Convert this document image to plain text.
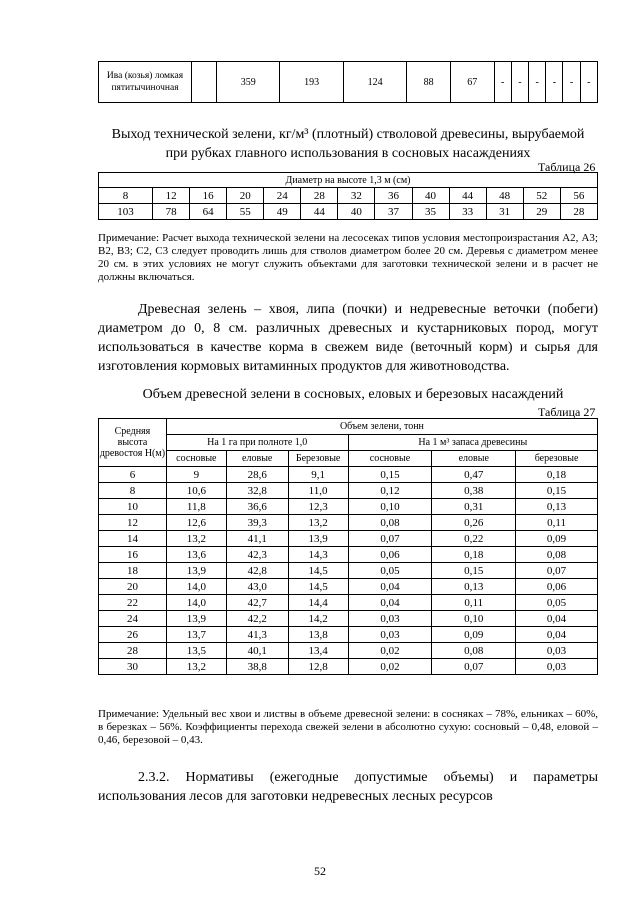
Ива (козья) ломкая пятитычиночная		359	193	124	88	67	-	-	-	-	-	-
Выход технической зелени, кг/м³ (плотный) стволовой древесины, вырубаемой при рубках главного использования в сосновых насаждениях
Таблица 26
Диаметр на высоте 1,3 м (см)												
8	12	16	20	24	28	32	36	40	44	48	52	56
103	78	64	55	49	44	40	37	35	33	31	29	28
Примечание: Расчет выхода технической зелени на лесосеках типов условия местопроизрастания А2, А3; В2, В3; С2, С3 следует проводить лишь для стволов диаметром более 20 см. Деревья с диаметром менее 20 см. в этих условиях не могут служить объектами для заготовки технической зелени и в расчет не должны включаться.
Древесная зелень – хвоя, липа (почки) и недревесные веточки (побеги) диаметром до 0, 8 см. различных древесных и кустарниковых пород, могут использоваться в качестве корма в свежем виде (веточный корм) и сырья для изготовления кормовых витаминных продуктов для животноводства.
Объем древесной зелени в сосновых, еловых и березовых насаждений
Таблица 27
Средняя высота древостоя Н(м)	Объем зелени, тонн					
	На 1 га при полноте 1,0			На 1 м³ запаса древесины		
	сосновые	еловые	Березовые	сосновые	еловые	березовые
6	9	28,6	9,1	0,15	0,47	0,18
8	10,6	32,8	11,0	0,12	0,38	0,15
10	11,8	36,6	12,3	0,10	0,31	0,13
12	12,6	39,3	13,2	0,08	0,26	0,11
14	13,2	41,1	13,9	0,07	0,22	0,09
16	13,6	42,3	14,3	0,06	0,18	0,08
18	13,9	42,8	14,5	0,05	0,15	0,07
20	14,0	43,0	14,5	0,04	0,13	0,06
22	14,0	42,7	14,4	0,04	0,11	0,05
24	13,9	42,2	14,2	0,03	0,10	0,04
26	13,7	41,3	13,8	0,03	0,09	0,04
28	13,5	40,1	13,4	0,02	0,08	0,03
30	13,2	38,8	12,8	0,02	0,07	0,03
Примечание: Удельный вес хвои и листвы в объеме древесной зелени: в сосняках – 78%, ельниках – 60%, в березках – 56%. Коэффициенты перехода свежей зелени в абсолютно сухую: сосновый – 0,48, еловой – 0,46, березовой – 0,43.
2.3.2. Нормативы (ежегодные допустимые объемы) и параметры использования лесов для заготовки недревесных лесных ресурсов
52
